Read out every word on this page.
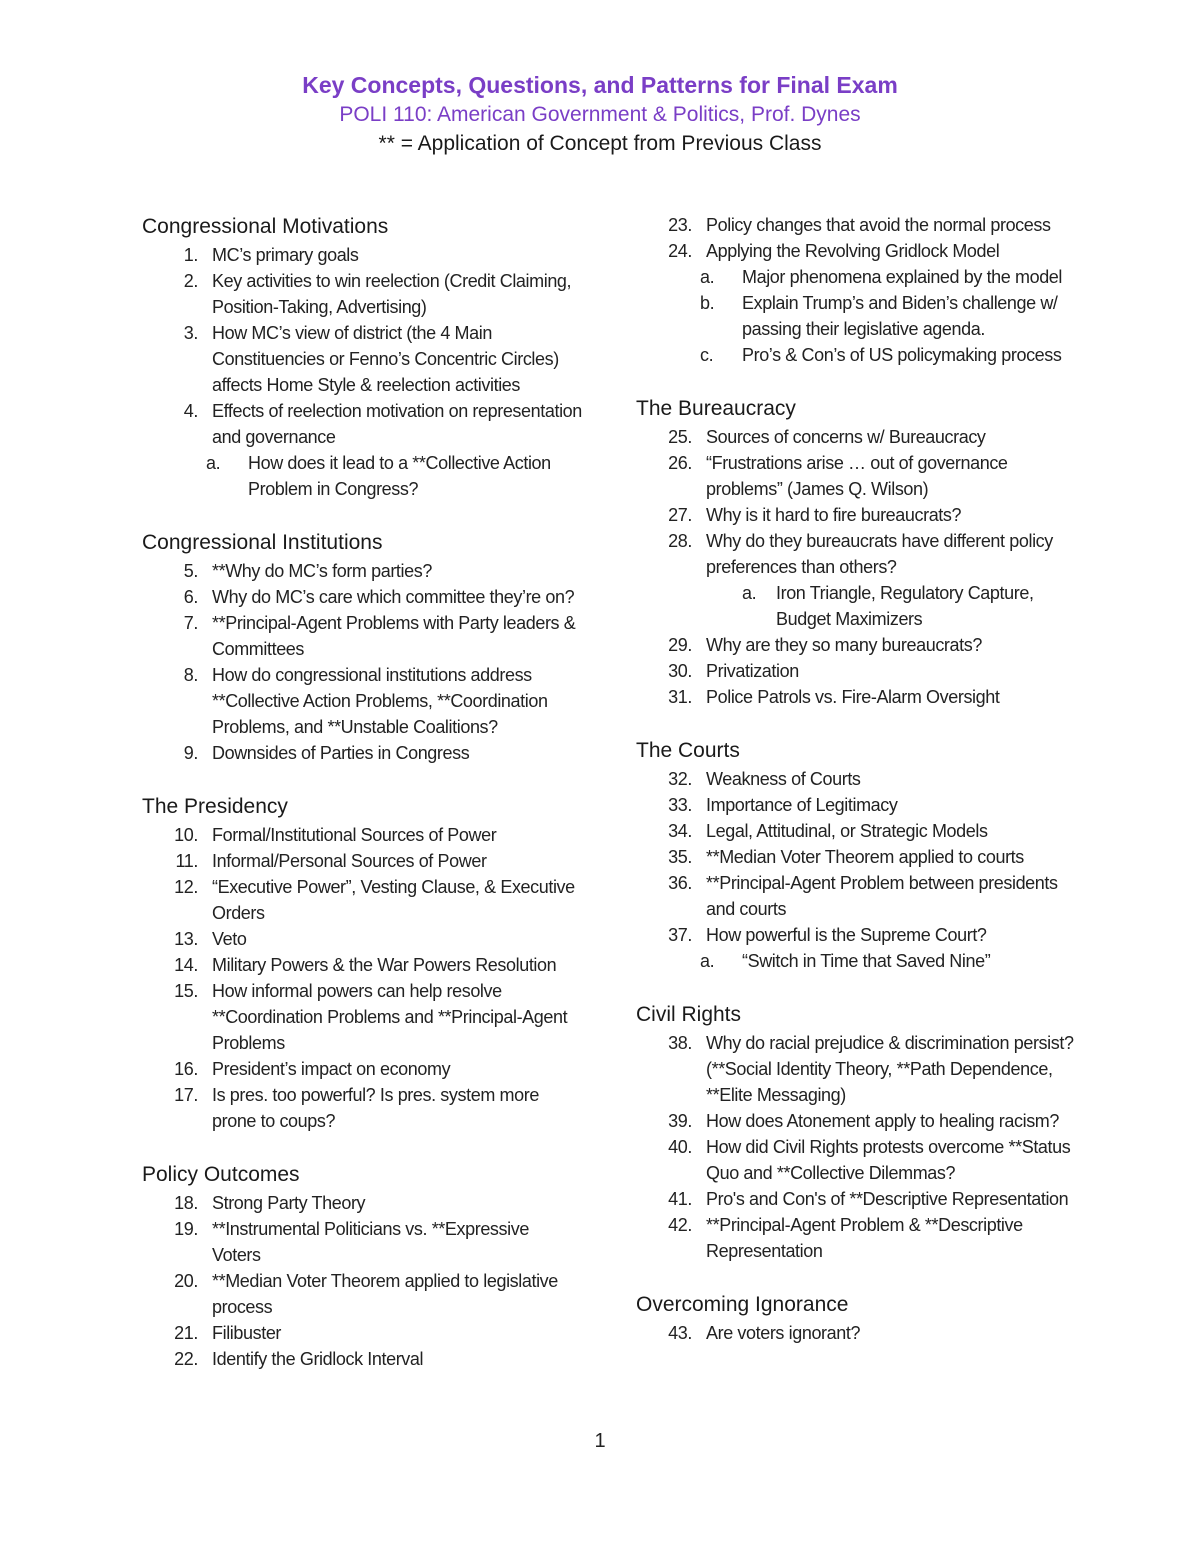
Key Concepts, Questions, and Patterns for Final Exam
POLI 110: American Government & Politics, Prof. Dynes
** = Application of Concept from Previous Class
Congressional Motivations
1. MC’s primary goals
2. Key activities to win reelection (Credit Claiming, Position-Taking, Advertising)
3. How MC’s view of district (the 4 Main Constituencies or Fenno’s Concentric Circles) affects Home Style & reelection activities
4. Effects of reelection motivation on representation and governance
a.	How does it lead to a **Collective Action Problem in Congress?
Congressional Institutions
5. **Why do MC’s form parties?
6. Why do MC’s care which committee they’re on?
7. **Principal-Agent Problems with Party leaders & Committees
8. How do congressional institutions address **Collective Action Problems, **Coordination Problems, and **Unstable Coalitions?
9. Downsides of Parties in Congress
The Presidency
10. Formal/Institutional Sources of Power
11. Informal/Personal Sources of Power
12. “Executive Power”, Vesting Clause, & Executive Orders
13. Veto
14. Military Powers & the War Powers Resolution
15. How informal powers can help resolve **Coordination Problems and **Principal-Agent Problems
16. President’s impact on economy
17. Is pres. too powerful? Is pres. system more prone to coups?
Policy Outcomes
18. Strong Party Theory
19. **Instrumental Politicians vs. **Expressive Voters
20. **Median Voter Theorem applied to legislative process
21. Filibuster
22. Identify the Gridlock Interval
23. Policy changes that avoid the normal process
24. Applying the Revolving Gridlock Model
a.	Major phenomena explained by the model
b.	Explain Trump’s and Biden’s challenge w/ passing their legislative agenda.
c.	Pro’s & Con’s of US policymaking process
The Bureaucracy
25. Sources of concerns w/ Bureaucracy
26. “Frustrations arise … out of governance problems” (James Q. Wilson)
27. Why is it hard to fire bureaucrats?
28. Why do they bureaucrats have different policy preferences than others?
a.	Iron Triangle, Regulatory Capture, Budget Maximizers
29. Why are they so many bureaucrats?
30. Privatization
31. Police Patrols vs. Fire-Alarm Oversight
The Courts
32. Weakness of Courts
33. Importance of Legitimacy
34. Legal, Attitudinal, or Strategic Models
35. **Median Voter Theorem applied to courts
36. **Principal-Agent Problem between presidents and courts
37. How powerful is the Supreme Court?
a.	“Switch in Time that Saved Nine”
Civil Rights
38. Why do racial prejudice & discrimination persist? (**Social Identity Theory, **Path Dependence, **Elite Messaging)
39. How does Atonement apply to healing racism?
40. How did Civil Rights protests overcome **Status Quo and **Collective Dilemmas?
41. Pro's and Con's of **Descriptive Representation
42. **Principal-Agent Problem & **Descriptive Representation
Overcoming Ignorance
43. Are voters ignorant?
1
